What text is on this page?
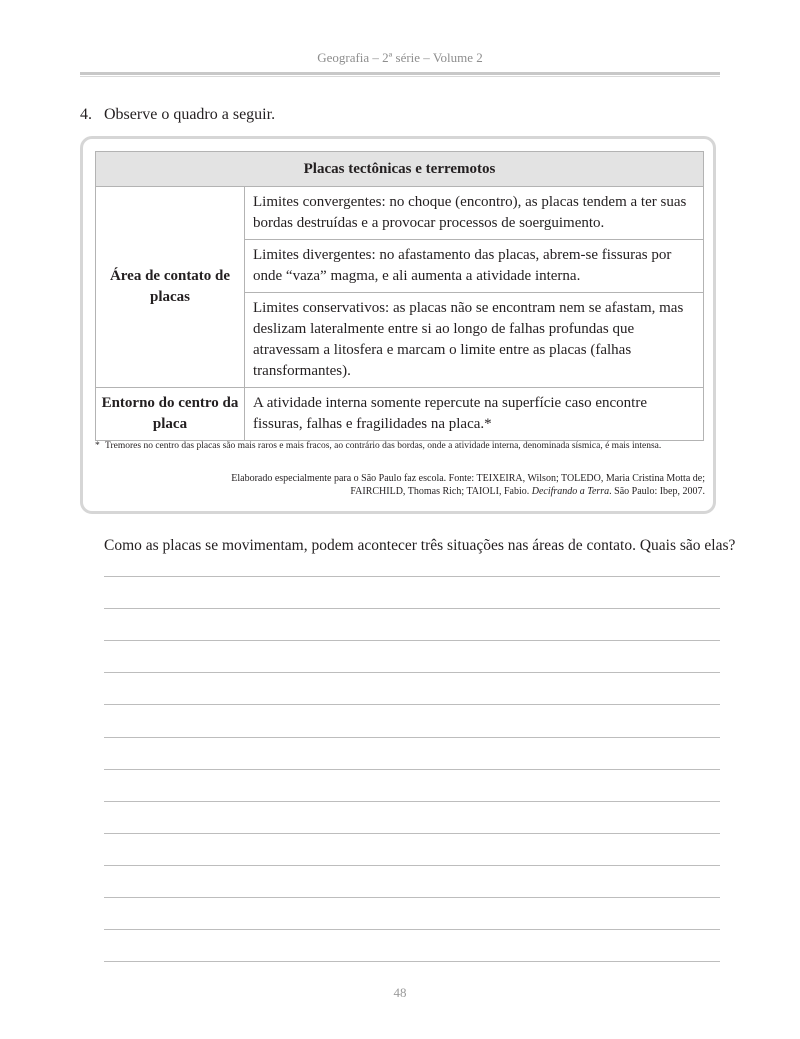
Geografia – 2ª série – Volume 2
4. Observe o quadro a seguir.
Placas tectônicas e terremotos	
Área de contato de placas	Limites convergentes: no choque (encontro), as placas tendem a ter suas bordas destruídas e a provocar processos de soerguimento.
	Limites divergentes: no afastamento das placas, abrem-se fissuras por onde “vaza” magma, e ali aumenta a atividade interna.
	Limites conservativos: as placas não se encontram nem se afastam, mas deslizam lateralmente entre si ao longo de falhas profundas que atravessam a litosfera e marcam o limite entre as placas (falhas transformantes).
Entorno do centro da placa	A atividade interna somente repercute na superfície caso encontre fissuras, falhas e fragilidades na placa.*
* Tremores no centro das placas são mais raros e mais fracos, ao contrário das bordas, onde a atividade interna, denominada sísmica, é mais intensa.
Elaborado especialmente para o São Paulo faz escola. Fonte: TEIXEIRA, Wilson; TOLEDO, Maria Cristina Motta de;
FAIRCHILD, Thomas Rich; TAIOLI, Fabio. Decifrando a Terra. São Paulo: Ibep, 2007.
Como as placas se movimentam, podem acontecer três situações nas áreas de contato. Quais são elas?
48
